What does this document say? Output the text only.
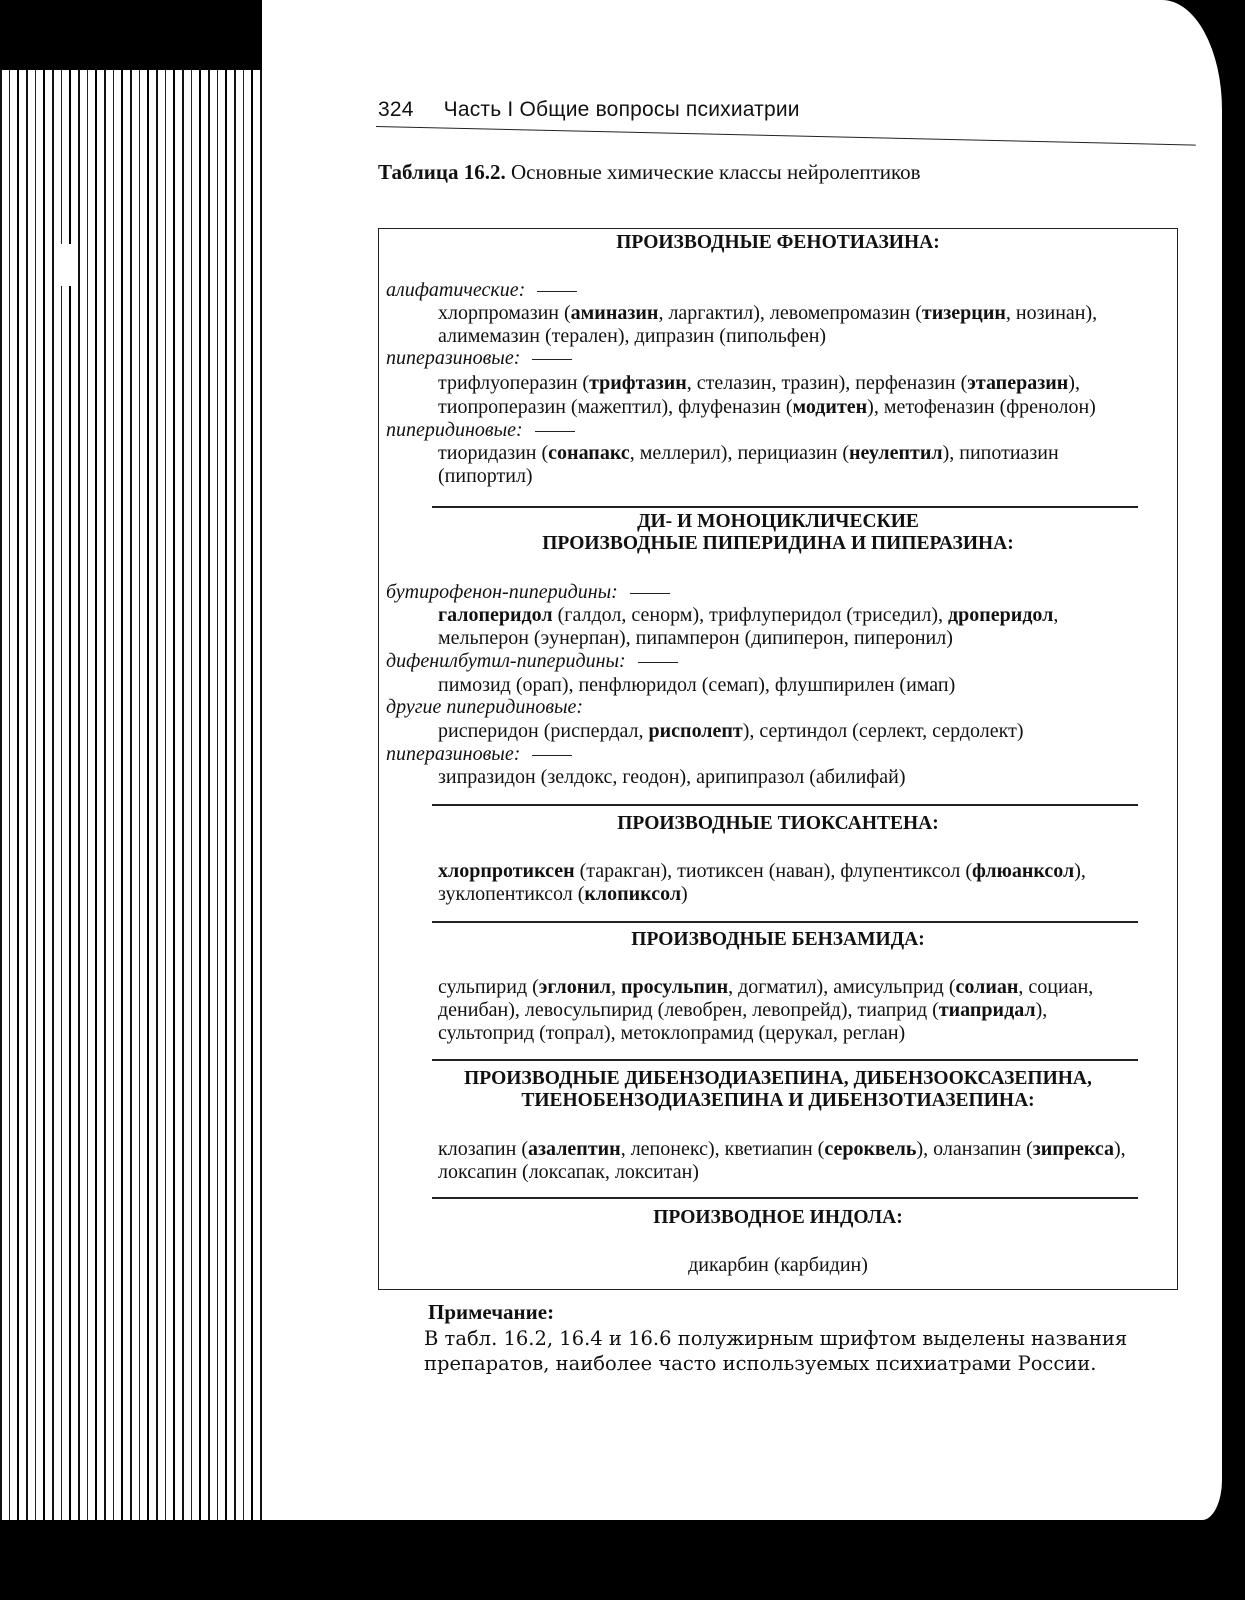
324 Часть I Общие вопросы психиатрии
Таблица 16.2. Основные химические классы нейролептиков
ПРОИЗВОДНЫЕ ФЕНОТИАЗИНА:
алифатические:
хлорпромазин (аминазин, ларгактил), левомепромазин (тизерцин, нозинан),
алимемазин (терален), дипразин (пипольфен)
пиперазиновые:
трифлуоперазин (трифтазин, стелазин, тразин), перфеназин (этаперазин),
тиопроперазин (мажептил), флуфеназин (модитен), метофеназин (френолон)
пиперидиновые:
тиоридазин (сонапакс, меллерил), перициазин (неулептил), пипотиазин
(пипортил)
ДИ- И МОНОЦИКЛИЧЕСКИЕ
ПРОИЗВОДНЫЕ ПИПЕРИДИНА И ПИПЕРАЗИНА:
бутирофенон-пиперидины:
галоперидол (галдол, сенорм), трифлуперидол (триседил), дроперидол,
мельперон (эунерпан), пипамперон (дипиперон, пиперонил)
дифенилбутил-пиперидины:
пимозид (орап), пенфлюридол (семап), флушпирилен (имап)
другие пиперидиновые:
рисперидон (риспердал, рисполепт), сертиндол (серлект, сердолект)
пиперазиновые:
зипразидон (зелдокс, геодон), арипипразол (абилифай)
ПРОИЗВОДНЫЕ ТИОКСАНТЕНА:
хлорпротиксен (таракган), тиотиксен (наван), флупентиксол (флюанксол),
зуклопентиксол (клопиксол)
ПРОИЗВОДНЫЕ БЕНЗАМИДА:
сульпирид (эглонил, просульпин, догматил), амисульприд (солиан, социан,
денибан), левосульпирид (левобрен, левопрейд), тиаприд (тиапридал),
сультоприд (топрал), метоклопрамид (церукал, реглан)
ПРОИЗВОДНЫЕ ДИБЕНЗОДИАЗЕПИНА, ДИБЕНЗООКСАЗЕПИНА,
ТИЕНОБЕНЗОДИАЗЕПИНА И ДИБЕНЗОТИАЗЕПИНА:
клозапин (азалептин, лепонекс), кветиапин (сероквель), оланзапин (зипрекса),
локсапин (локсапак, локситан)
ПРОИЗВОДНОЕ ИНДОЛА:
дикарбин (карбидин)
Примечание:
В табл. 16.2, 16.4 и 16.6 полужирным шрифтом выделены названия
препаратов, наиболее часто используемых психиатрами России.
